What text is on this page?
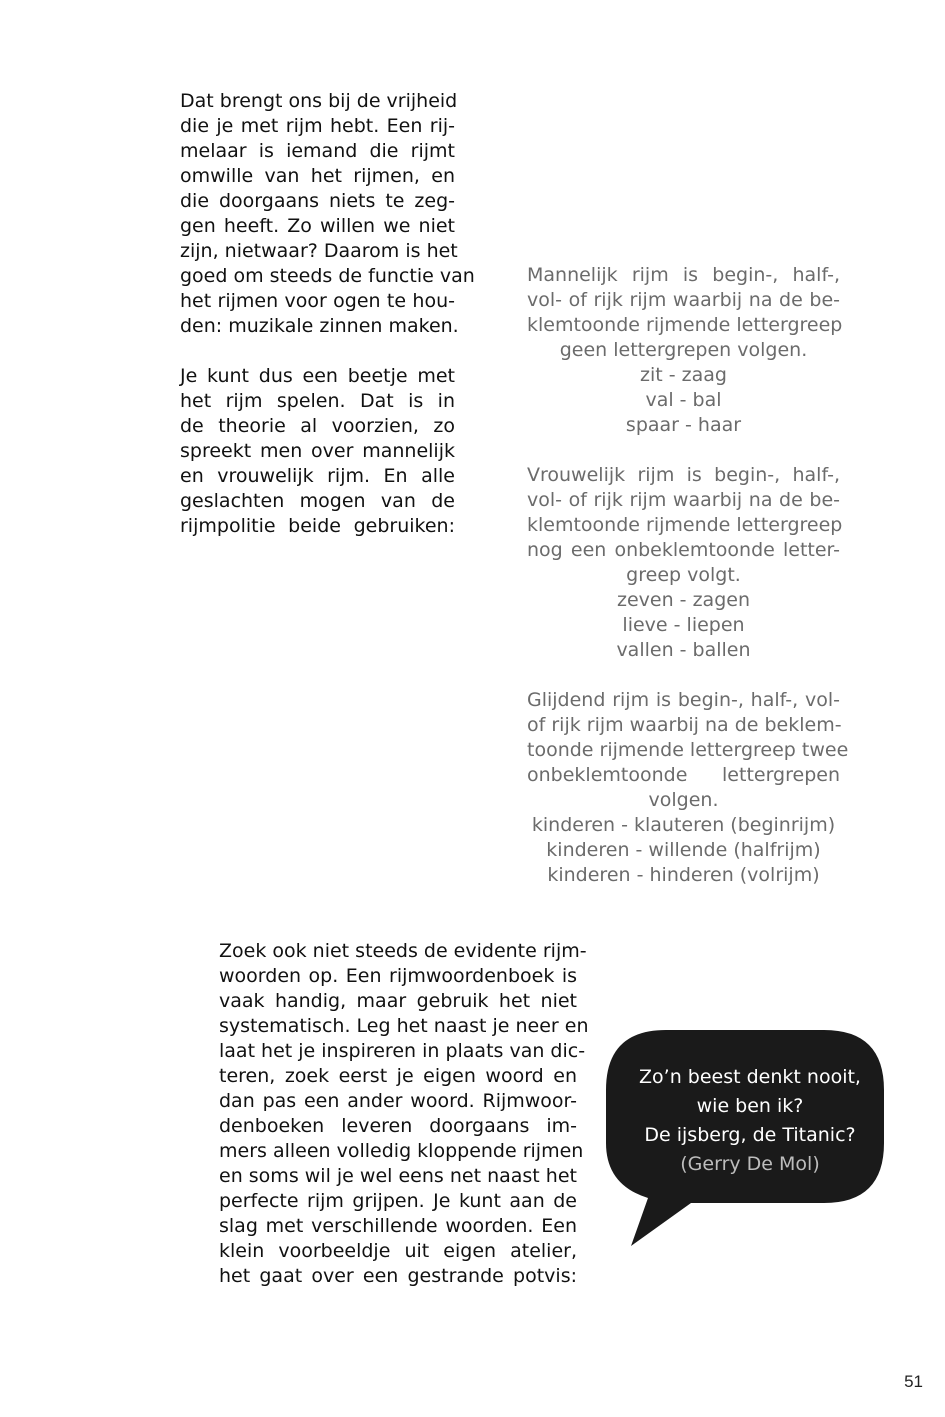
Dat brengt ons bij de vrijheid
die je met rijm hebt. Een rij-
melaar is iemand die rijmt
omwille van het rijmen, en
die doorgaans niets te zeg-
gen heeft. Zo willen we niet
zijn, nietwaar? Daarom is het
goed om steeds de functie van
het rijmen voor ogen te hou-
den: muzikale zinnen maken.
Je kunt dus een beetje met
het rijm spelen. Dat is in
de theorie al voorzien, zo
spreekt men over mannelijk
en vrouwelijk rijm. En alle
geslachten mogen van de
rijmpolitie beide gebruiken:
Mannelijk rijm is begin-, half-,
vol- of rijk rijm waarbij na de be-
klemtoonde rijmende lettergreep
geen lettergrepen volgen.
zit - zaag
val - bal
spaar - haar
Vrouwelijk rijm is begin-, half-,
vol- of rijk rijm waarbij na de be-
klemtoonde rijmende lettergreep
nog een onbeklemtoonde letter-
greep volgt.
zeven - zagen
lieve - liepen
vallen - ballen
Glijdend rijm is begin-, half-, vol-
of rijk rijm waarbij na de beklem-
toonde rijmende lettergreep twee
onbeklemtoonde lettergrepen
volgen.
kinderen - klauteren (beginrijm)
kinderen - willende (halfrijm)
kinderen - hinderen (volrijm)
Zoek ook niet steeds de evidente rijm-
woorden op. Een rijmwoordenboek is
vaak handig, maar gebruik het niet
systematisch. Leg het naast je neer en
laat het je inspireren in plaats van dic-
teren, zoek eerst je eigen woord en
dan pas een ander woord. Rijmwoor-
denboeken leveren doorgaans im-
mers alleen volledig kloppende rijmen
en soms wil je wel eens net naast het
perfecte rijm grijpen. Je kunt aan de
slag met verschillende woorden. Een
klein voorbeeldje uit eigen atelier,
het gaat over een gestrande potvis:
Zo’n beest denkt nooit,
wie ben ik?
De ijsberg, de Titanic?
(Gerry De Mol)
51
